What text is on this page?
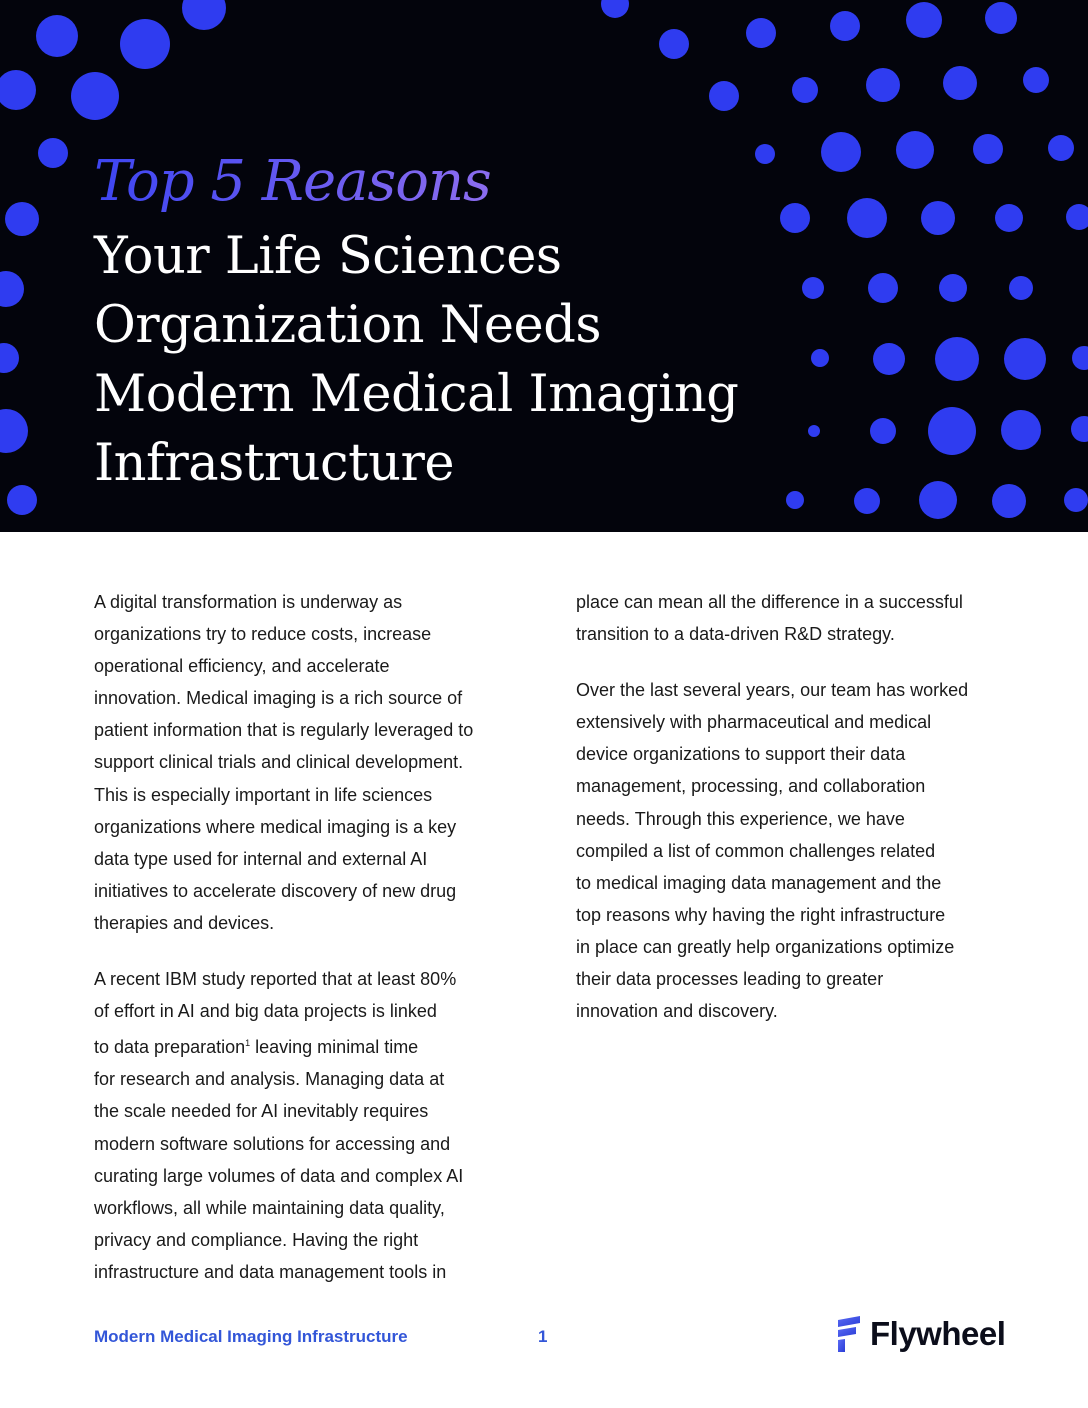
Top 5 Reasons
Your Life Sciences
Organization Needs
Modern Medical Imaging
Infrastructure

A digital transformation is underway as
organizations try to reduce costs, increase
operational efficiency, and accelerate
innovation. Medical imaging is a rich source of
patient information that is regularly leveraged to
support clinical trials and clinical development.
This is especially important in life sciences
organizations where medical imaging is a key
data type used for internal and external AI
initiatives to accelerate discovery of new drug
therapies and devices.

A recent IBM study reported that at least 80%
of effort in AI and big data projects is linked
to data preparation$^1$ leaving minimal time
for research and analysis. Managing data at
the scale needed for AI inevitably requires
modern software solutions for accessing and
curating large volumes of data and complex AI
workflows, all while maintaining data quality,
privacy and compliance. Having the right
infrastructure and data management tools in

place can mean all the difference in a successful
transition to a data-driven R&D strategy.

Over the last several years, our team has worked
extensively with pharmaceutical and medical
device organizations to support their data
management, processing, and collaboration
needs. Through this experience, we have
compiled a list of common challenges related
to medical imaging data management and the
top reasons why having the right infrastructure
in place can greatly help organizations optimize
their data processes leading to greater
innovation and discovery.

Modern Medical Imaging Infrastructure	1	Flywheel
